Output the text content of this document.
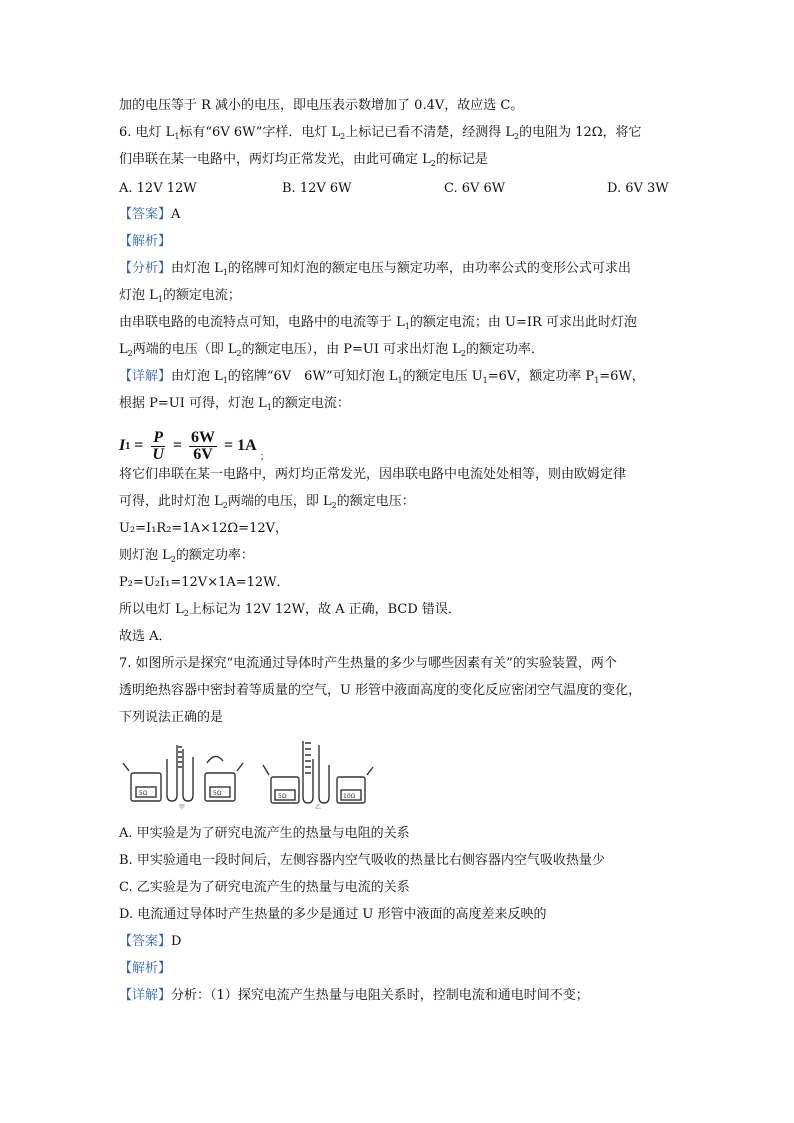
加的电压等于 R 减小的电压，即电压表示数增加了 0.4V，故应选 C。
6. 电灯 $L_1$标有“6V 6W”字样．电灯 $L_2$上标记已看不清楚，经测得 $L_2$的电阻为 12Ω，将它
们串联在某一电路中，两灯均正常发光，由此可确定 $L_2$的标记是
A. 12V 12W	B. 12V 6W	C. 6V 6W	D. 6V 3W
【答案】A
【解析】
【分析】由灯泡 $L_1$的铭牌可知灯泡的额定电压与额定功率，由功率公式的变形公式可求出
灯泡 $L_1$的额定电流；
由串联电路的电流特点可知，电路中的电流等于 $L_1$的额定电流；由 U=IR 可求出此时灯泡
$L_2$两端的电压（即 $L_2$的额定电压），由 P=UI 可求出灯泡 $L_2$的额定功率．
【详解】由灯泡 $L_1$的铭牌“6V　6W”可知灯泡 $L_1$的额定电压 $U_1=6V$，额定功率 $P_1=6W$，
根据 P=UI 可得，灯泡 $L_1$的额定电流：
I $1 = \frac{P}{U} = \frac{6W}{6V} = 1A$
;
将它们串联在某一电路中，两灯均正常发光，因串联电路中电流处处相等，则由欧姆定律
可得，此时灯泡 $L_2$两端的电压，即 $L_2$的额定电压：
U₂=I₁R₂=1A×12Ω=12V，
则灯泡 $L_2$的额定功率：
P₂=U₂I₁=12V×1A=12W．
所以电灯 $L_2$上标记为 12V 12W，故 A 正确，BCD 错误．
故选 A．
7. 如图所示是探究“电流通过导体时产生热量的多少与哪些因素有关”的实验装置，两个
透明绝热容器中密封着等质量的空气，U 形管中液面高度的变化反应密闭空气温度的变化，
下列说法正确的是
5Ω	5Ω	5Ω	10Ω
甲	乙
A. 甲实验是为了研究电流产生的热量与电阻的关系
B. 甲实验通电一段时间后，左侧容器内空气吸收的热量比右侧容器内空气吸收热量少
C. 乙实验是为了研究电流产生的热量与电流的关系
D. 电流通过导体时产生热量的多少是通过 U 形管中液面的高度差来反映的
【答案】D
【解析】
【详解】分析：（1）探究电流产生热量与电阻关系时，控制电流和通电时间不变；
